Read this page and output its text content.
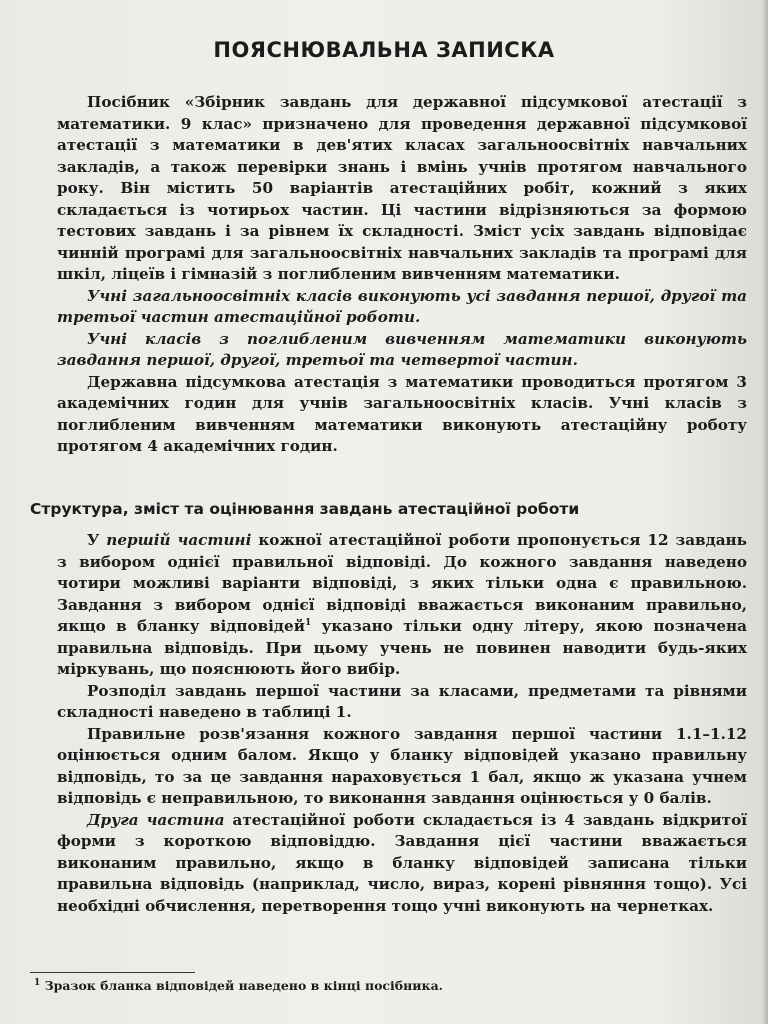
ПОЯСНЮВАЛЬНА ЗАПИСКА

Посібник «Збірник завдань для державної підсумкової атестації з математики. 9 клас» призначено для проведення державної підсумкової атестації з математики в дев'ятих класах загальноосвітніх навчальних закладів, а також перевірки знань і вмінь учнів протягом навчального року. Він містить 50 варіантів атестаційних робіт, кожний з яких складається із чотирьох частин. Ці частини відрізняються за формою тестових завдань і за рівнем їх складності. Зміст усіх завдань відповідає чинній програмі для загальноосвітніх навчальних закладів та програмі для шкіл, ліцеїв і гімназій з поглибленим вивченням математики.

Учні загальноосвітніх класів виконують усі завдання першої, другої та третьої частин атестаційної роботи.

Учні класів з поглибленим вивченням математики виконують завдання першої, другої, третьої та четвертої частин.

Державна підсумкова атестація з математики проводиться протягом 3 академічних годин для учнів загальноосвітніх класів. Учні класів з поглибленим вивченням математики виконують атестаційну роботу протягом 4 академічних годин.

Структура, зміст та оцінювання завдань атестаційної роботи

У першій частині кожної атестаційної роботи пропонується 12 завдань з вибором однієї правильної відповіді. До кожного завдання наведено чотири можливі варіанти відповіді, з яких тільки одна є правильною. Завдання з вибором однієї відповіді вважається виконаним правильно, якщо в бланку відповідей$^1$ указано тільки одну літеру, якою позначена правильна відповідь. При цьому учень не повинен наводити будь-яких міркувань, що пояснюють його вибір.

Розподіл завдань першої частини за класами, предметами та рівнями складності наведено в таблиці 1.

Правильне розв'язання кожного завдання першої частини 1.1–1.12 оцінюється одним балом. Якщо у бланку відповідей указано правильну відповідь, то за це завдання нараховується 1 бал, якщо ж указана учнем відповідь є неправильною, то виконання завдання оцінюється у 0 балів.

Друга частина атестаційної роботи складається із 4 завдань відкритої форми з короткою відповіддю. Завдання цієї частини вважається виконаним правильно, якщо в бланку відповідей записана тільки правильна відповідь (наприклад, число, вираз, корені рівняння тощо). Усі необхідні обчислення, перетворення тощо учні виконують на чернетках.

$^1$ Зразок бланка відповідей наведено в кінці посібника.
